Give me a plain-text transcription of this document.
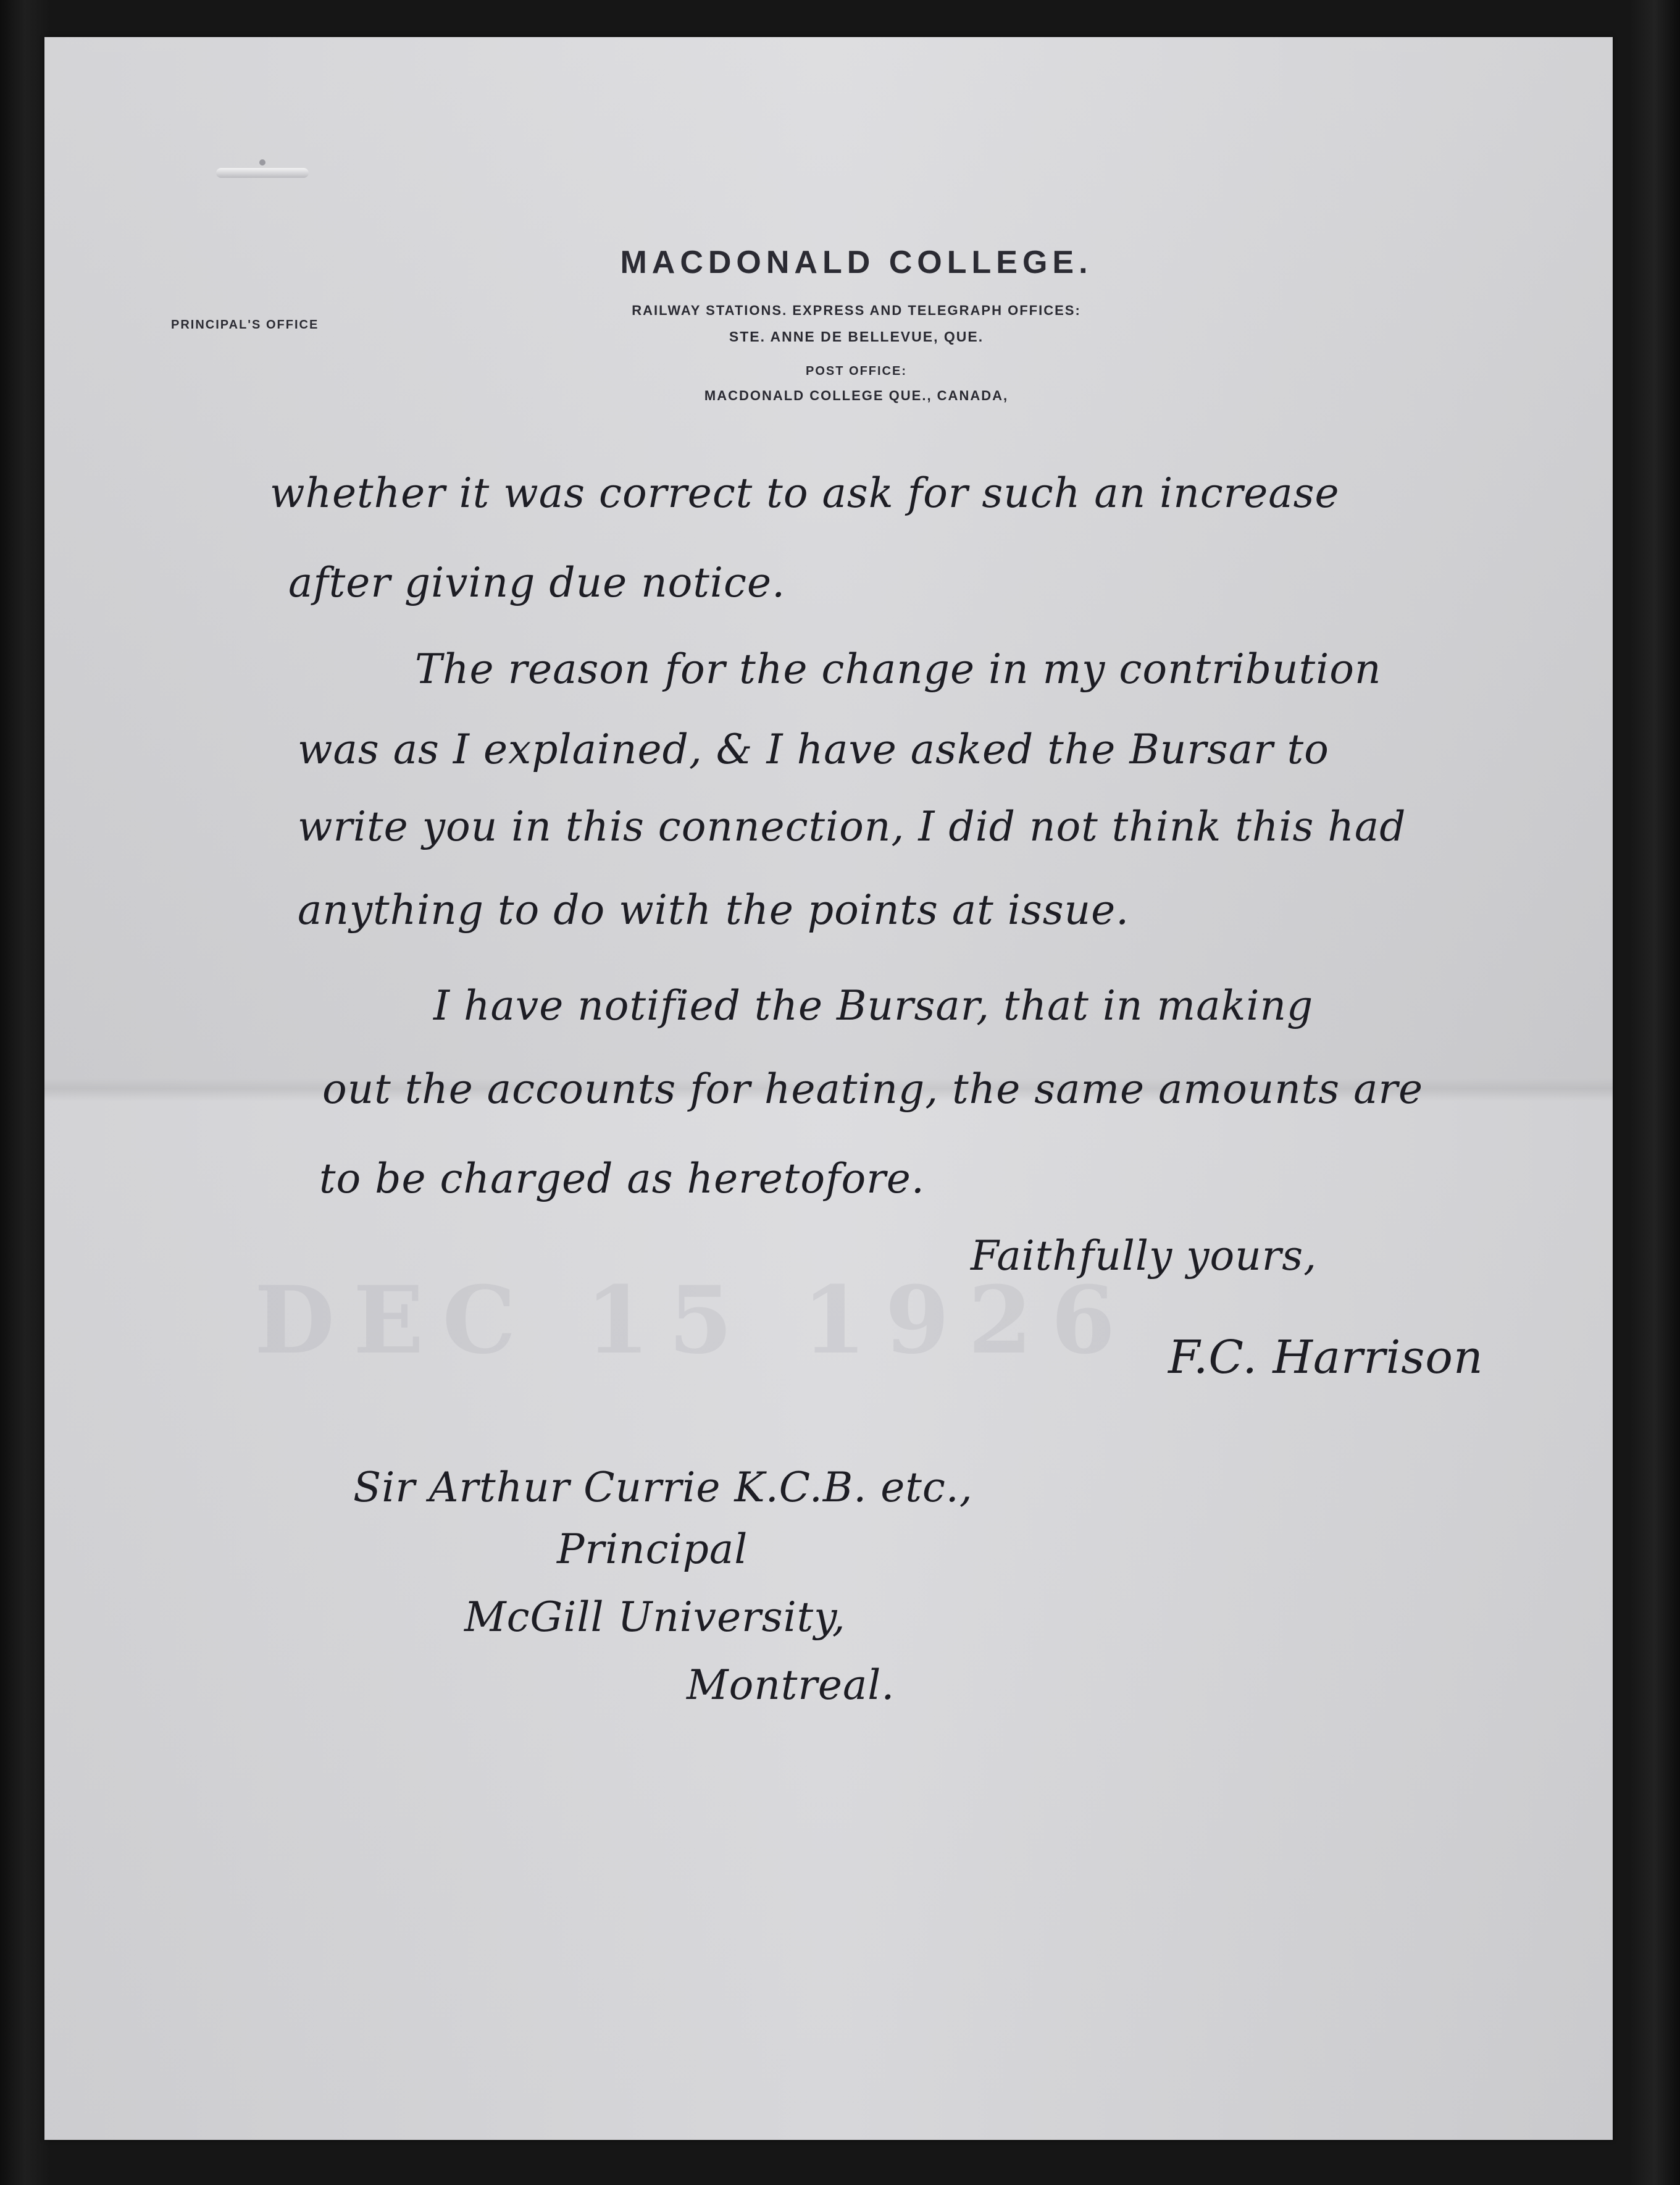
DEC 15 1926
MACDONALD COLLEGE.
RAILWAY STATIONS. EXPRESS AND TELEGRAPH OFFICES:
STE. ANNE DE BELLEVUE, QUE.
POST OFFICE:
MACDONALD COLLEGE QUE., CANADA,
PRINCIPAL'S OFFICE
whether it was correct to ask for such an increase
after giving due notice.
The reason for the change in my contribution
was as I explained, & I have asked the Bursar to
write you in this connection, I did not think this had
anything to do with the points at issue.
I have notified the Bursar, that in making
out the accounts for heating, the same amounts are
to be charged as heretofore.
Faithfully yours,
F.C. Harrison
Sir Arthur Currie K.C.B. etc.,
Principal
McGill University,
Montreal.
